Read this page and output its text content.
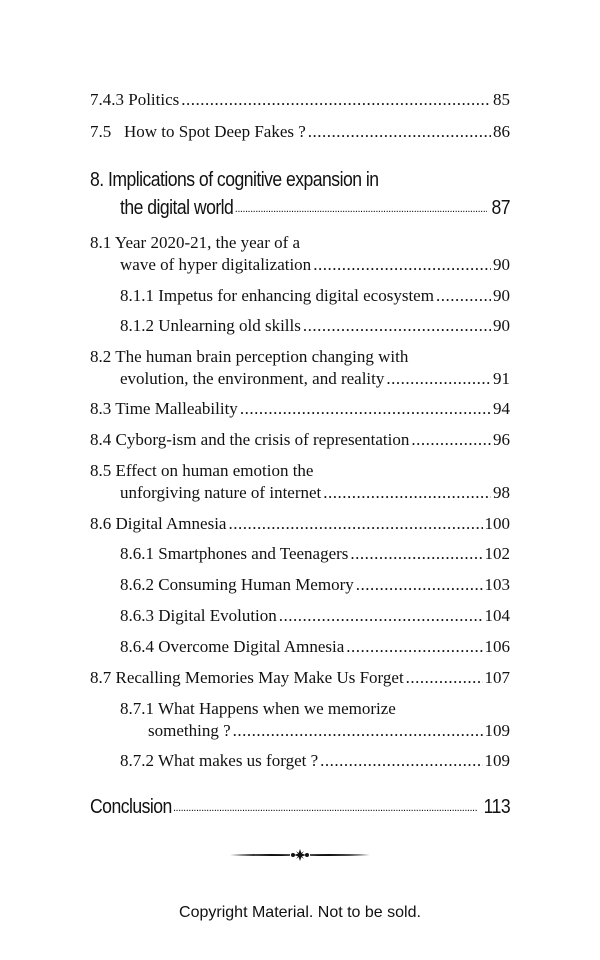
7.4.3 Politics .....	85
7.5   How to Spot Deep Fakes ? .....	86
8. Implications of cognitive expansion in
the digital world .....	87
8.1 Year 2020-21, the year of a
wave of hyper digitalization .....	90
8.1.1 Impetus for enhancing digital ecosystem .....	90
8.1.2 Unlearning old skills .....	90
8.2 The human brain perception changing with
evolution, the environment, and reality .....	91
8.3 Time Malleability .....	94
8.4 Cyborg-ism and the crisis of representation .....	96
8.5 Effect on human emotion the
unforgiving nature of internet .....	98
8.6 Digital Amnesia .....	100
8.6.1 Smartphones and Teenagers .....	102
8.6.2 Consuming Human Memory .....	103
8.6.3 Digital Evolution .....	104
8.6.4 Overcome Digital Amnesia .....	106
8.7 Recalling Memories May Make Us Forget .....	107
8.7.1 What Happens when we memorize
something ? .....	109
8.7.2 What makes us forget ? .....	109
Conclusion .....	113
Copyright Material. Not to be sold.
